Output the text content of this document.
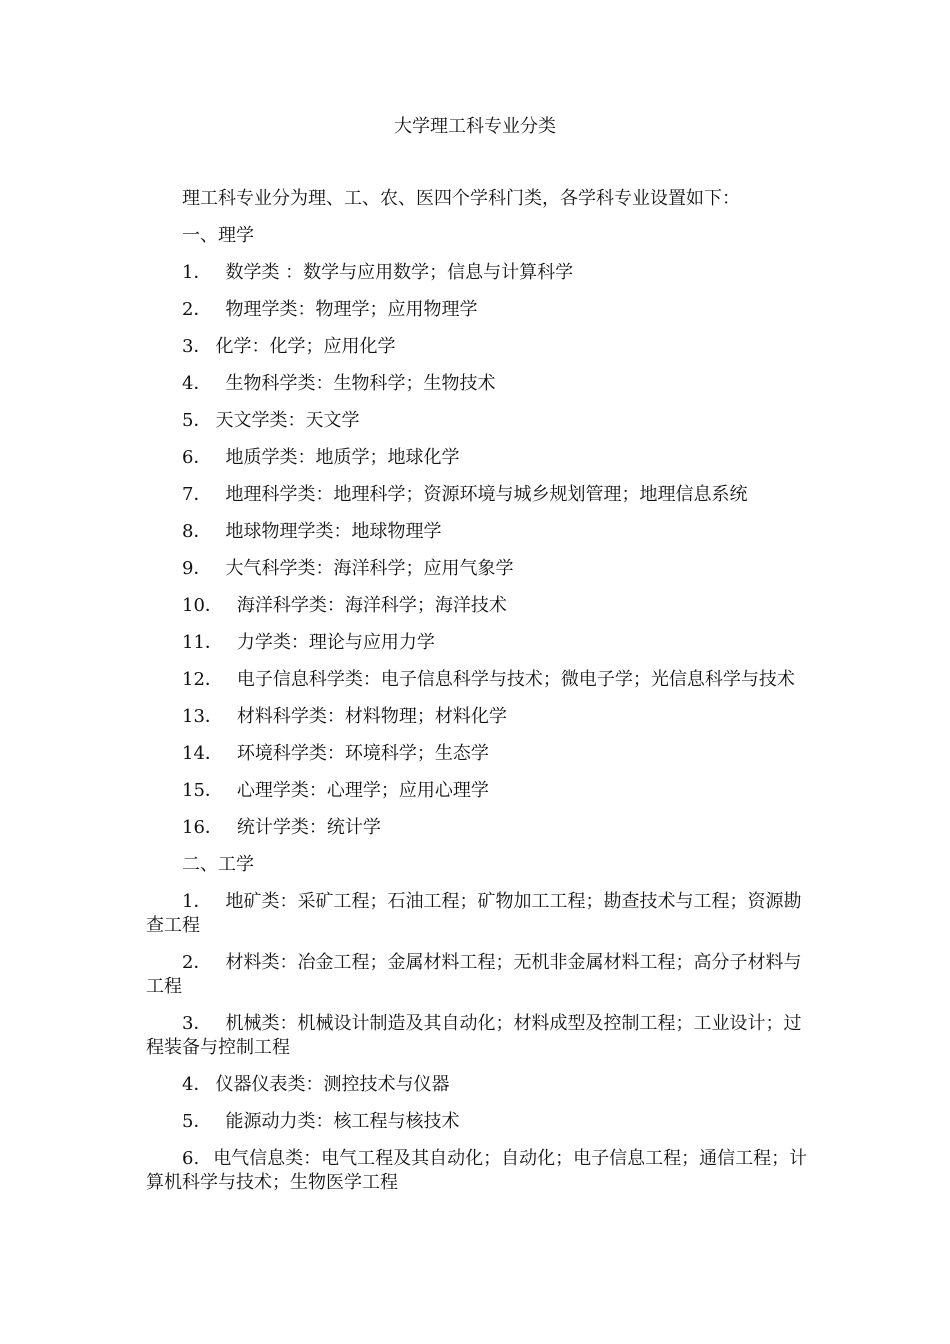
大学理工科专业分类

理工科专业分为理、工、农、医四个学科门类，各学科专业设置如下：

一、理学

1． 数学类 ：数学与应用数学；信息与计算科学

2． 物理学类：物理学；应用物理学

3． 化学：化学；应用化学

4． 生物科学类：生物科学；生物技术

5． 天文学类：天文学

6． 地质学类：地质学；地球化学

7． 地理科学类：地理科学；资源环境与城乡规划管理；地理信息系统

8． 地球物理学类：地球物理学

9． 大气科学类：海洋科学；应用气象学

10． 海洋科学类：海洋科学；海洋技术

11． 力学类：理论与应用力学

12． 电子信息科学类：电子信息科学与技术；微电子学；光信息科学与技术

13． 材料科学类：材料物理；材料化学

14． 环境科学类：环境科学；生态学

15． 心理学类：心理学；应用心理学

16． 统计学类：统计学

二、工学

1． 地矿类：采矿工程；石油工程；矿物加工工程；勘查技术与工程；资源勘查工程

2． 材料类：冶金工程；金属材料工程；无机非金属材料工程；高分子材料与工程

3． 机械类：机械设计制造及其自动化；材料成型及控制工程；工业设计；过程装备与控制工程

4． 仪器仪表类：测控技术与仪器

5． 能源动力类：核工程与核技术

6. 电气信息类：电气工程及其自动化；自动化；电子信息工程；通信工程；计算机科学与技术；生物医学工程
